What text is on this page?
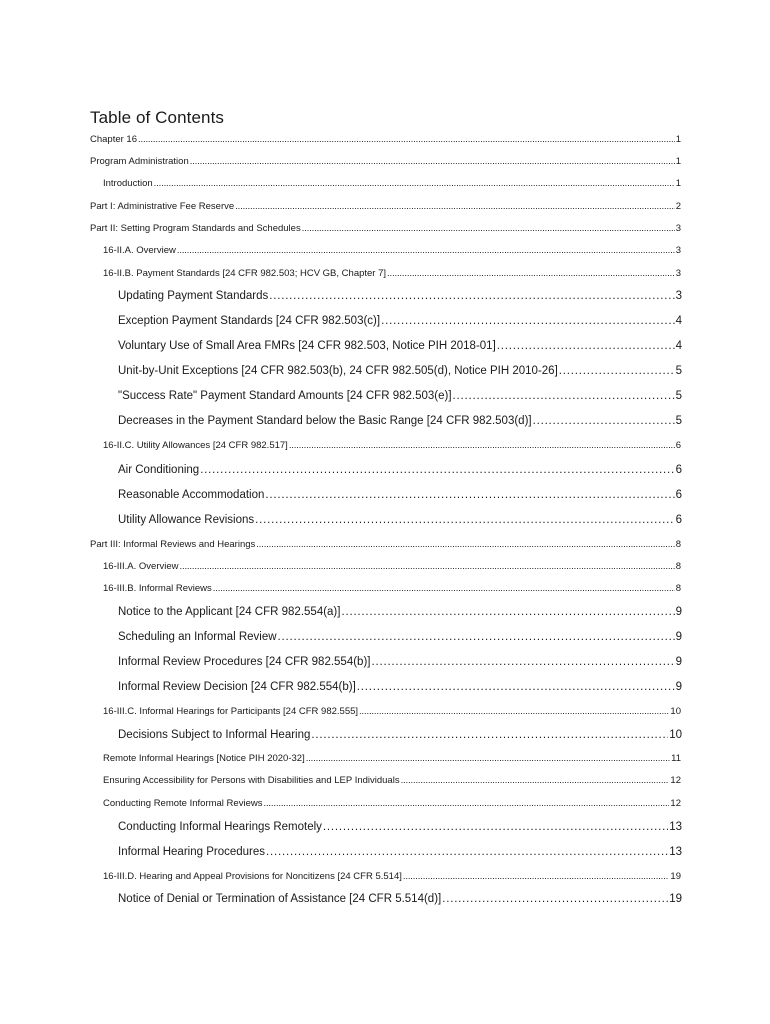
Table of Contents
Chapter 16 . . .	1
Program Administration . . .	1
Introduction . . .	1
Part I: Administrative Fee Reserve . . .	2
Part II: Setting Program Standards and Schedules . . .	3
16-II.A. Overview . . .	3
16-II.B. Payment Standards [24 CFR 982.503; HCV GB, Chapter 7] . . .	3
Updating Payment Standards . . .	3
Exception Payment Standards [24 CFR 982.503(c)] . . .	4
Voluntary Use of Small Area FMRs [24 CFR 982.503, Notice PIH 2018-01] . . .	4
Unit-by-Unit Exceptions [24 CFR 982.503(b), 24 CFR 982.505(d), Notice PIH 2010-26] . . .	5
"Success Rate" Payment Standard Amounts [24 CFR 982.503(e)] . . .	5
Decreases in the Payment Standard below the Basic Range [24 CFR 982.503(d)] . . .	5
16-II.C. Utility Allowances [24 CFR 982.517] . . .	6
Air Conditioning . . .	6
Reasonable Accommodation . . .	6
Utility Allowance Revisions . . .	6
Part III: Informal Reviews and Hearings . . .	8
16-III.A. Overview . . .	8
16-III.B. Informal Reviews . . .	8
Notice to the Applicant [24 CFR 982.554(a)] . . .	9
Scheduling an Informal Review . . .	9
Informal Review Procedures [24 CFR 982.554(b)] . . .	9
Informal Review Decision [24 CFR 982.554(b)] . . .	9
16-III.C. Informal Hearings for Participants [24 CFR 982.555] . . .	10
Decisions Subject to Informal Hearing . . .	10
Remote Informal Hearings [Notice PIH 2020-32] . . .	11
Ensuring Accessibility for Persons with Disabilities and LEP Individuals . . .	12
Conducting Remote Informal Reviews . . .	12
Conducting Informal Hearings Remotely . . .	13
Informal Hearing Procedures . . .	13
16-III.D. Hearing and Appeal Provisions for Noncitizens [24 CFR 5.514] . . .	19
Notice of Denial or Termination of Assistance [24 CFR 5.514(d)] . . .	19
